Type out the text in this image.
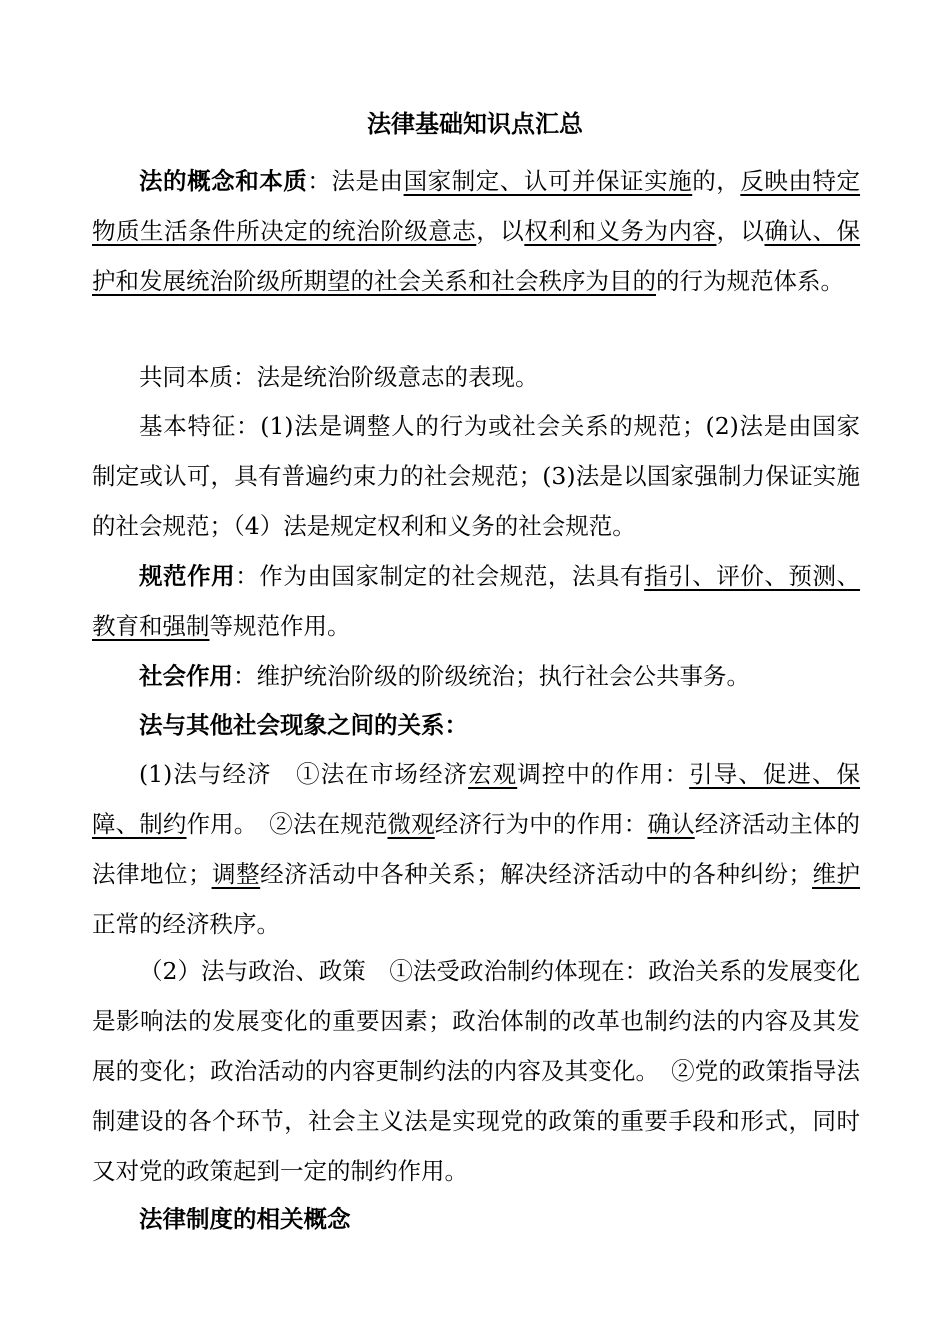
法律基础知识点汇总
法的概念和本质：法是由国家制定、认可并保证实施的，反映由特定物质生活条件所决定的统治阶级意志，以权利和义务为内容，以确认、保护和发展统治阶级所期望的社会关系和社会秩序为目的的行为规范体系。
共同本质：法是统治阶级意志的表现。
基本特征：(1)法是调整人的行为或社会关系的规范；(2)法是由国家制定或认可，具有普遍约束力的社会规范；(3)法是以国家强制力保证实施的社会规范；（4）法是规定权利和义务的社会规范。
规范作用：作为由国家制定的社会规范，法具有指引、评价、预测、教育和强制等规范作用。
社会作用：维护统治阶级的阶级统治；执行社会公共事务。
法与其他社会现象之间的关系：
(1)法与经济　①法在市场经济宏观调控中的作用：引导、促进、保障、制约作用。　②法在规范微观经济行为中的作用：确认经济活动主体的法律地位；调整经济活动中各种关系；解决经济活动中的各种纠纷；维护正常的经济秩序。
（2）法与政治、政策　①法受政治制约体现在：政治关系的发展变化是影响法的发展变化的重要因素；政治体制的改革也制约法的内容及其发展的变化；政治活动的内容更制约法的内容及其变化。　②党的政策指导法制建设的各个环节，社会主义法是实现党的政策的重要手段和形式，同时又对党的政策起到一定的制约作用。
法律制度的相关概念
